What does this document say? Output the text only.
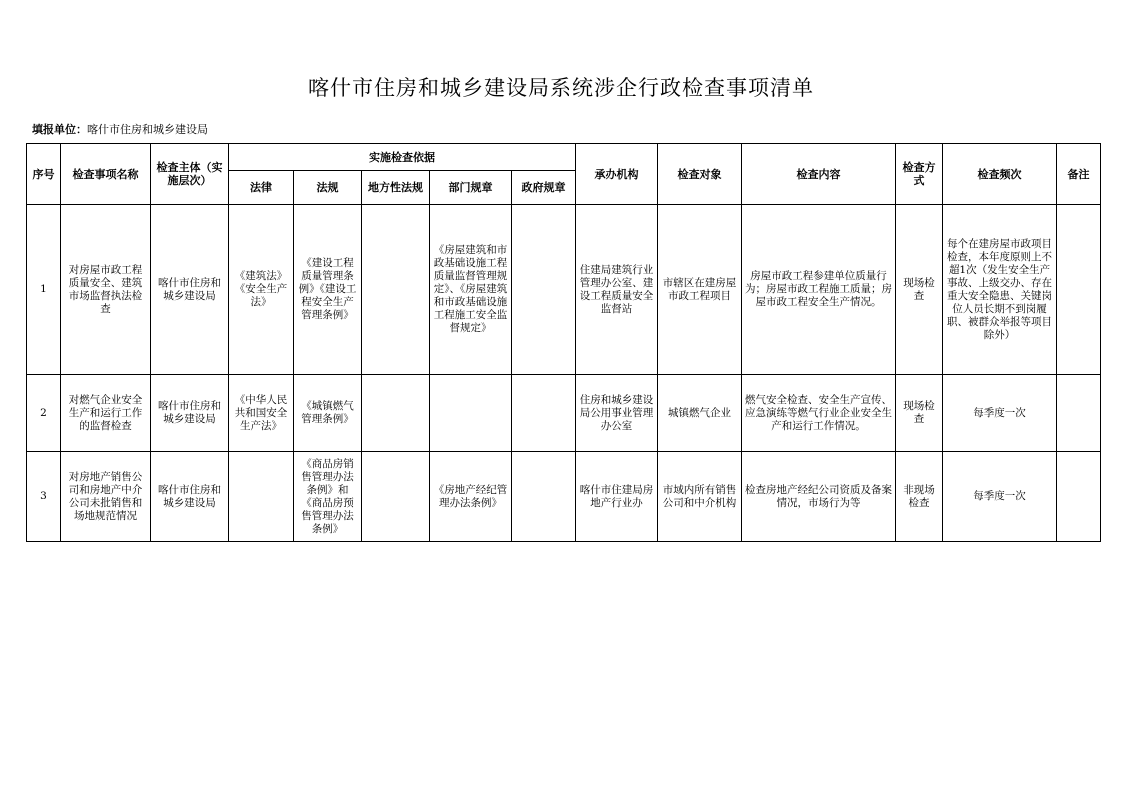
喀什市住房和城乡建设局系统涉企行政检查事项清单
填报单位：喀什市住房和城乡建设局
序号	检查事项名称	检查主体（实施层次）	实施检查依据					承办机构	检查对象	检查内容	检查方式	检查频次	备注
			法律	法规	地方性法规	部门规章	政府规章						
1	对房屋市政工程质量安全、建筑市场监督执法检查	喀什市住房和城乡建设局	《建筑法》《安全生产法》	《建设工程质量管理条例》《建设工程安全生产管理条例》		《房屋建筑和市政基础设施工程质量监督管理规定》、《房屋建筑和市政基础设施工程施工安全监督规定》		住建局建筑行业管理办公室、建设工程质量安全监督站	市辖区在建房屋市政工程项目	房屋市政工程参建单位质量行为；房屋市政工程施工质量；房屋市政工程安全生产情况。	现场检查	每个在建房屋市政项目检查，本年度原则上不超1次（发生安全生产事故、上级交办、存在重大安全隐患、关键岗位人员长期不到岗履职、被群众举报等项目除外）	
2	对燃气企业安全生产和运行工作的监督检查	喀什市住房和城乡建设局	《中华人民共和国安全生产法》	《城镇燃气管理条例》				住房和城乡建设局公用事业管理办公室	城镇燃气企业	燃气安全检查、安全生产宣传、应急演练等燃气行业企业安全生产和运行工作情况。	现场检查	每季度一次	
3	对房地产销售公司和房地产中介公司未批销售和场地规范情况	喀什市住房和城乡建设局		《商品房销售管理办法条例》和《商品房预售管理办法条例》		《房地产经纪管理办法条例》		喀什市住建局房地产行业办	市域内所有销售公司和中介机构	检查房地产经纪公司资质及备案情况，市场行为等	非现场检查	每季度一次	
